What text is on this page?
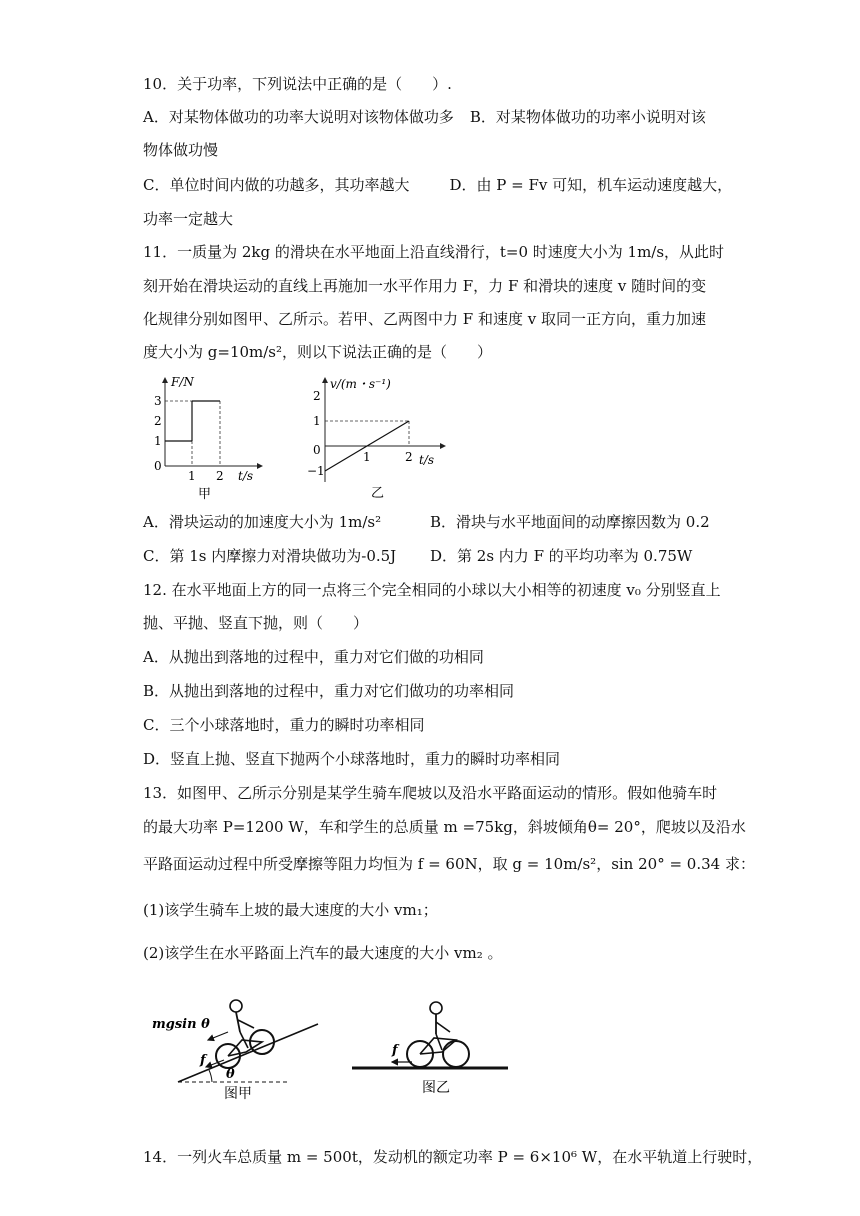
10．关于功率，下列说法中正确的是（　　）.
A．对某物体做功的功率大说明对该物体做功多 B．对某物体做功的功率小说明对该
物体做功慢
C．单位时间内做的功越多，其功率越大	D．由 P = Fv 可知，机车运动速度越大，
功率一定越大
11．一质量为 2kg 的滑块在水平地面上沿直线滑行，t=0 时速度大小为 1m/s，从此时
刻开始在滑块运动的直线上再施加一水平作用力 F，力 F 和滑块的速度 v 随时间的变
化规律分别如图甲、乙所示。若甲、乙两图中力 F 和速度 v 取同一正方向，重力加速
度大小为 g=10m/s²，则以下说法正确的是（　　）
F/N
3
2
1
0
1 2 t/s
甲
v/(m・s⁻¹)
2
1
0
−1
1	2 t/s
乙
A．滑块运动的加速度大小为 1m/s²	B．滑块与水平地面间的动摩擦因数为 0.2
C．第 1s 内摩擦力对滑块做功为-0.5J D．第 2s 内力 F 的平均功率为 0.75W
12. 在水平地面上方的同一点将三个完全相同的小球以大小相等的初速度 v₀ 分别竖直上
抛、平抛、竖直下抛，则（　　）
A．从抛出到落地的过程中，重力对它们做的功相同
B．从抛出到落地的过程中，重力对它们做功的功率相同
C．三个小球落地时，重力的瞬时功率相同
D．竖直上抛、竖直下抛两个小球落地时，重力的瞬时功率相同
13．如图甲、乙所示分别是某学生骑车爬坡以及沿水平路面运动的情形。假如他骑车时
的最大功率 P=1200 W，车和学生的总质量 m =75kg，斜坡倾角θ= 20°，爬坡以及沿水
平路面运动过程中所受摩擦等阻力均恒为 f = 60N，取 g = 10m/s²，sin 20° = 0.34 求：
(1)该学生骑车上坡的最大速度的大小 vm₁；
(2)该学生在水平路面上汽车的最大速度的大小 vm₂ 。
mgsin θ
f
θ
图甲
f
图乙
14．一列火车总质量 m = 500t，发动机的额定功率 P = 6×10⁶ W，在水平轨道上行驶时，
